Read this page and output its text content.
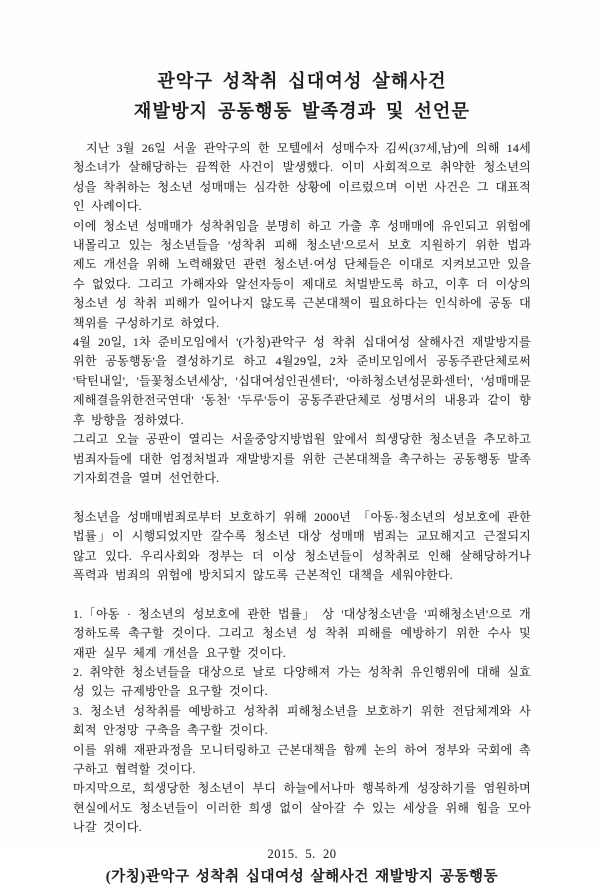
관악구 성착취 십대여성 살해사건
재발방지 공동행동 발족경과 및 선언문
지난 3월 26일 서울 관악구의 한 모텔에서 성매수자 김씨(37세,남)에 의해 14세 청소녀가 살해당하는 끔찍한 사건이 발생했다. 이미 사회적으로 취약한 청소년의 성을 착취하는 청소년 성매매는 심각한 상황에 이르렀으며 이번 사건은 그 대표적인 사례이다.
이에 청소년 성매매가 성착취임을 분명히 하고 가출 후 성매매에 유인되고 위험에 내몰리고 있는 청소년들을 '성착취 피해 청소년'으로서 보호 지원하기 위한 법과 제도 개선을 위해 노력해왔던 관련 청소년·여성 단체들은 이대로 지켜보고만 있을 수 없었다. 그리고 가해자와 알선자등이 제대로 처벌받도록 하고, 이후 더 이상의 청소년 성 착취 피해가 일어나지 않도록 근본대책이 필요하다는 인식하에 공동 대책위를 구성하기로 하였다.
4월 20일, 1차 준비모임에서 '(가칭)관악구 성 착취 십대여성 살해사건 재발방지를 위한 공동행동'을 결성하기로 하고 4월29일, 2차 준비모임에서 공동주관단체로써 '탁틴내일', '들꽃청소년세상', '십대여성인권센터', '아하청소년성문화센터', '성매매문제해결을위한전국연대' '동천' '두루'등이 공동주관단체로 성명서의 내용과 같이 향후 방향을 정하였다.
그리고 오늘 공판이 열리는 서울중앙지방법원 앞에서 희생당한 청소년을 추모하고 범죄자들에 대한 엄정처벌과 재발방지를 위한 근본대책을 촉구하는 공동행동 발족기자회견을 열며 선언한다.
청소년을 성매매범죄로부터 보호하기 위해 2000년 「아동·청소년의 성보호에 관한 법률」이 시행되었지만 갈수록 청소년 대상 성매매 범죄는 교묘해지고 근절되지 않고 있다. 우리사회와 정부는 더 이상 청소년들이 성착취로 인해 살해당하거나 폭력과 범죄의 위험에 방치되지 않도록 근본적인 대책을 세워야한다.
1.「아동 · 청소년의 성보호에 관한 법률」 상 '대상청소년'을 '피해청소년'으로 개정하도록 촉구할 것이다. 그리고 청소년 성 착취 피해를 예방하기 위한 수사 및 재판 실무 체계 개선을 요구할 것이다.
2. 취약한 청소년들을 대상으로 날로 다양해져 가는 성착취 유인행위에 대해 실효성 있는 규제방안을 요구할 것이다.
3. 청소년 성착취를 예방하고 성착취 피해청소년을 보호하기 위한 전담체계와 사회적 안정망 구축을 촉구할 것이다.
이를 위해 재판과정을 모니터링하고 근본대책을 함께 논의 하여 정부와 국회에 촉구하고 협력할 것이다.
마지막으로, 희생당한 청소년이 부디 하늘에서나마 행복하게 성장하기를 염원하며 현실에서도 청소년들이 이러한 희생 없이 살아갈 수 있는 세상을 위해 힘을 모아나갈 것이다.
2015.  5.  20
(가칭)관악구 성착취 십대여성 살해사건 재발방지 공동행동
